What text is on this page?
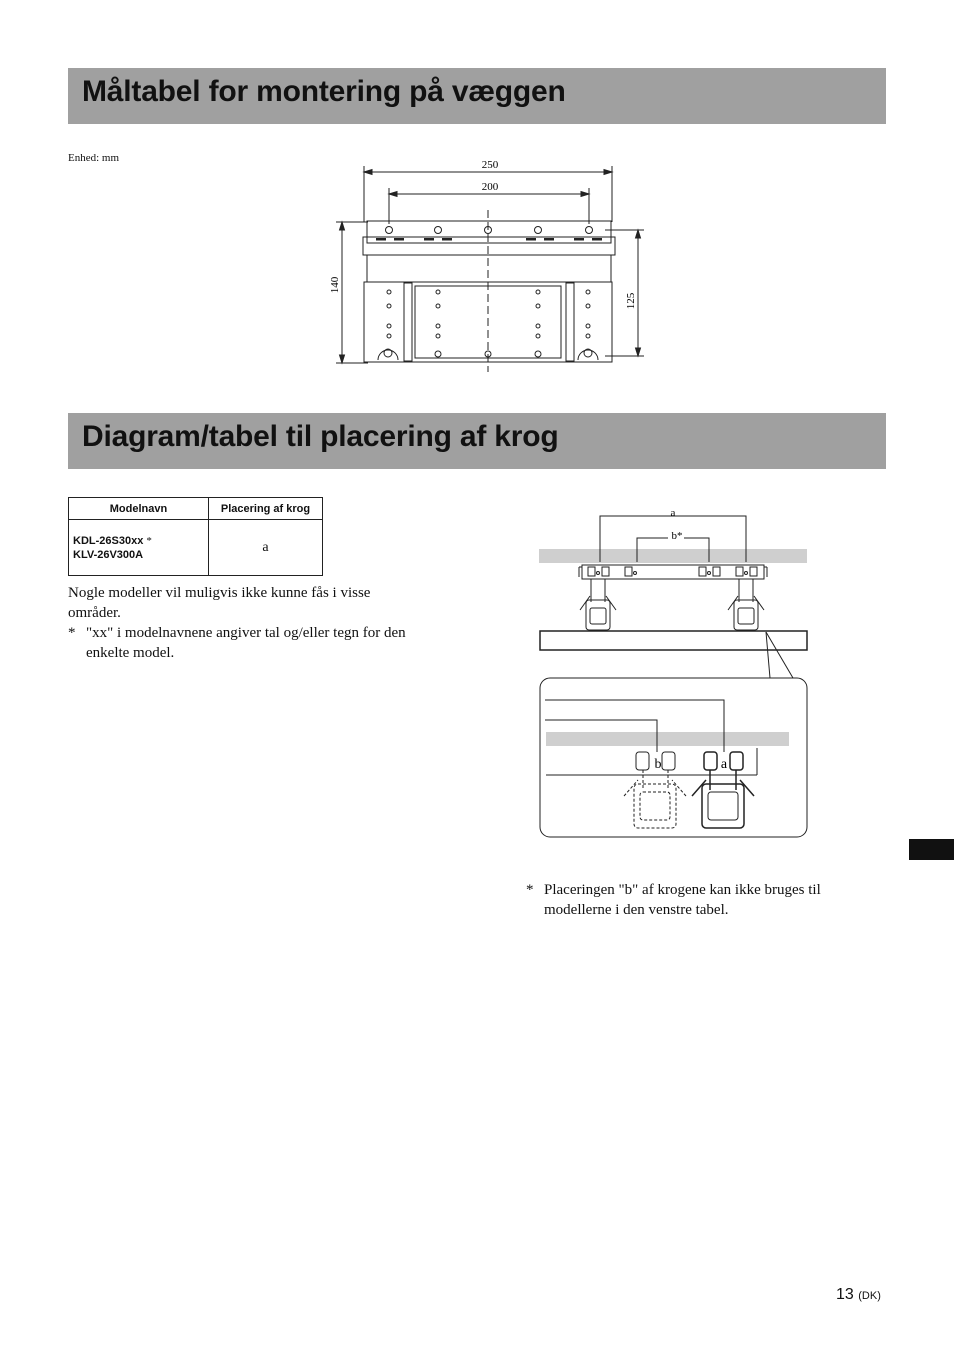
Måltabel for montering på væggen
Enhed: mm
250
200
140
125
Diagram/tabel til placering af krog
Modelnavn	Placering af krog
KDL-26S30xx *
KLV-26V300A	a
Nogle modeller vil muligvis ikke kunne fås i visse områder.
* "xx" i modelnavnene angiver tal og/eller tegn for den enkelte model.
a
b*
b	a
* Placeringen "b" af krogene kan ikke bruges til modellerne i den venstre tabel.
13 (DK)
